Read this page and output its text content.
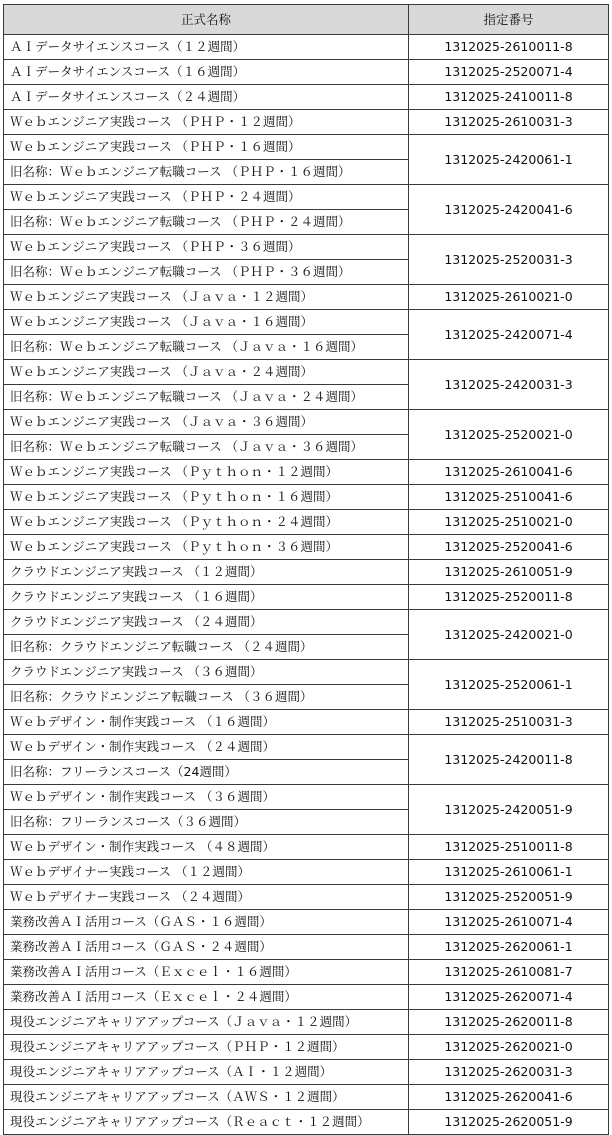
正式名称	指定番号
ＡＩデータサイエンスコース（１２週間）	1312025-2610011-8
ＡＩデータサイエンスコース（１６週間）	1312025-2520071-4
ＡＩデータサイエンスコース（２４週間）	1312025-2410011-8
Ｗｅｂエンジニア実践コース （ＰＨＰ・１２週間）	1312025-2610031-3
Ｗｅｂエンジニア実践コース （ＰＨＰ・１６週間）	1312025-2420061-1
旧名称：Ｗｅｂエンジニア転職コース （ＰＨＰ・１６週間）	
Ｗｅｂエンジニア実践コース （ＰＨＰ・２４週間）	1312025-2420041-6
旧名称：Ｗｅｂエンジニア転職コース （ＰＨＰ・２４週間）	
Ｗｅｂエンジニア実践コース （ＰＨＰ・３６週間）	1312025-2520031-3
旧名称：Ｗｅｂエンジニア転職コース （ＰＨＰ・３６週間）	
Ｗｅｂエンジニア実践コース （Ｊａｖａ・１２週間）	1312025-2610021-0
Ｗｅｂエンジニア実践コース （Ｊａｖａ・１６週間）	1312025-2420071-4
旧名称：Ｗｅｂエンジニア転職コース （Ｊａｖａ・１６週間）	
Ｗｅｂエンジニア実践コース （Ｊａｖａ・２４週間）	1312025-2420031-3
旧名称：Ｗｅｂエンジニア転職コース （Ｊａｖａ・２４週間）	
Ｗｅｂエンジニア実践コース （Ｊａｖａ・３６週間）	1312025-2520021-0
旧名称：Ｗｅｂエンジニア転職コース （Ｊａｖａ・３６週間）	
Ｗｅｂエンジニア実践コース （Ｐｙｔｈｏｎ・１２週間）	1312025-2610041-6
Ｗｅｂエンジニア実践コース （Ｐｙｔｈｏｎ・１６週間）	1312025-2510041-6
Ｗｅｂエンジニア実践コース （Ｐｙｔｈｏｎ・２４週間）	1312025-2510021-0
Ｗｅｂエンジニア実践コース （Ｐｙｔｈｏｎ・３６週間）	1312025-2520041-6
クラウドエンジニア実践コース （１２週間）	1312025-2610051-9
クラウドエンジニア実践コース （１６週間）	1312025-2520011-8
クラウドエンジニア実践コース （２４週間）	1312025-2420021-0
旧名称：クラウドエンジニア転職コース （２４週間）	
クラウドエンジニア実践コース （３６週間）	1312025-2520061-1
旧名称：クラウドエンジニア転職コース （３６週間）	
Ｗｅｂデザイン・制作実践コース （１６週間）	1312025-2510031-3
Ｗｅｂデザイン・制作実践コース （２４週間）	1312025-2420011-8
旧名称：フリーランスコース（24週間）	
Ｗｅｂデザイン・制作実践コース （３６週間）	1312025-2420051-9
旧名称：フリーランスコース（３６週間）	
Ｗｅｂデザイン・制作実践コース （４８週間）	1312025-2510011-8
Ｗｅｂデザイナー実践コース （１２週間）	1312025-2610061-1
Ｗｅｂデザイナー実践コース （２４週間）	1312025-2520051-9
業務改善ＡＩ活用コース（ＧＡＳ・１６週間）	1312025-2610071-4
業務改善ＡＩ活用コース（ＧＡＳ・２４週間）	1312025-2620061-1
業務改善ＡＩ活用コース（Ｅｘｃｅｌ・１６週間）	1312025-2610081-7
業務改善ＡＩ活用コース（Ｅｘｃｅｌ・２４週間）	1312025-2620071-4
現役エンジニアキャリアアップコース（Ｊａｖａ・１２週間）	1312025-2620011-8
現役エンジニアキャリアアップコース（ＰＨＰ・１２週間）	1312025-2620021-0
現役エンジニアキャリアアップコース（ＡＩ・１２週間）	1312025-2620031-3
現役エンジニアキャリアアップコース（ＡＷＳ・１２週間）	1312025-2620041-6
現役エンジニアキャリアアップコース（Ｒｅａｃｔ・１２週間）	1312025-2620051-9
